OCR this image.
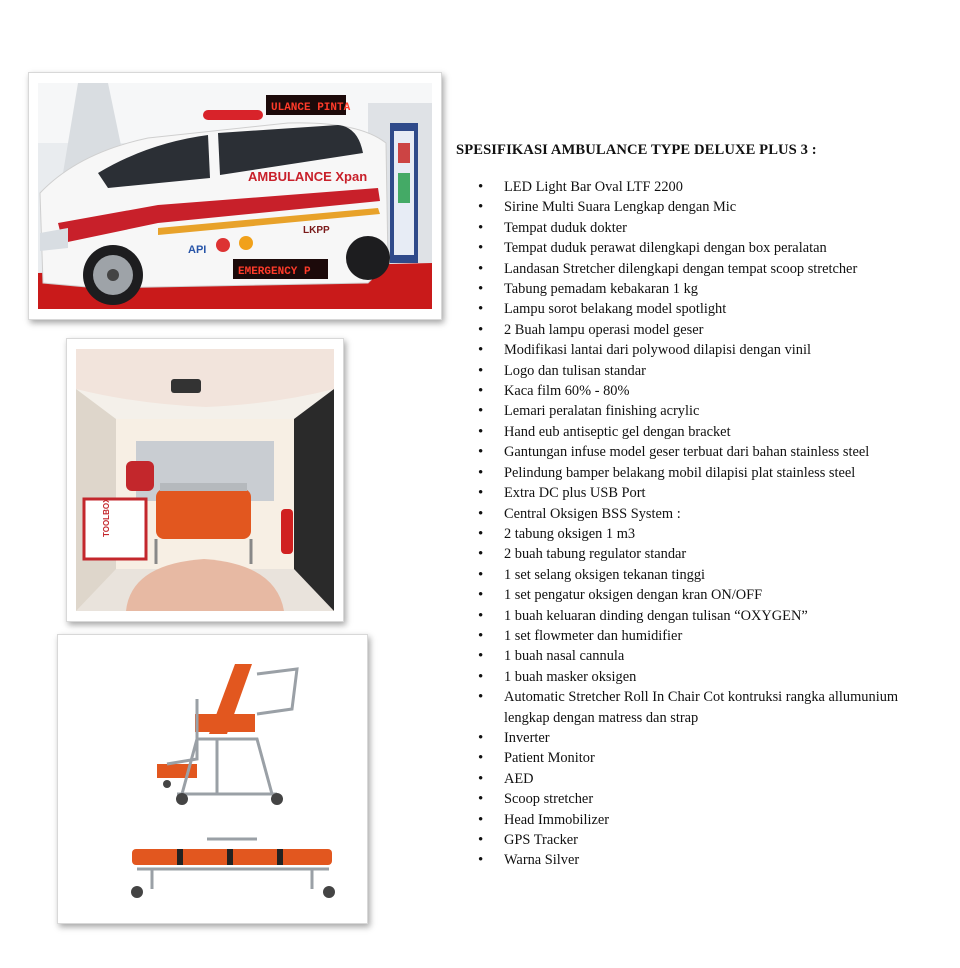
AMBULANCE Xpan
API
LKPP
ULANCE PINTA
EMERGENCY P
TOOLBOX
SPESIFIKASI AMBULANCE TYPE DELUXE PLUS 3 :
• LED Light Bar Oval LTF 2200
• Sirine Multi Suara Lengkap dengan Mic
• Tempat duduk dokter
• Tempat duduk perawat dilengkapi dengan box peralatan
• Landasan Stretcher dilengkapi dengan tempat scoop stretcher
• Tabung pemadam kebakaran 1 kg
• Lampu sorot belakang model spotlight
• 2 Buah lampu operasi model geser
• Modifikasi lantai dari polywood dilapisi dengan vinil
• Logo dan tulisan standar
• Kaca film 60% - 80%
• Lemari peralatan finishing acrylic
• Hand eub antiseptic gel dengan bracket
• Gantungan infuse model geser terbuat dari bahan stainless steel
• Pelindung bamper belakang mobil dilapisi plat stainless steel
• Extra DC plus USB Port
• Central Oksigen BSS System :
• 2 tabung oksigen 1 m3
• 2 buah tabung regulator standar
• 1 set selang oksigen tekanan tinggi
• 1 set pengatur oksigen dengan kran ON/OFF
• 1 buah keluaran dinding dengan tulisan “OXYGEN”
• 1 set flowmeter dan humidifier
• 1 buah nasal cannula
• 1 buah masker oksigen
• Automatic Stretcher Roll In Chair Cot kontruksi rangka allumunium lengkap dengan matress dan strap
• Inverter
• Patient Monitor
• AED
• Scoop stretcher
• Head Immobilizer
• GPS Tracker
• Warna Silver
